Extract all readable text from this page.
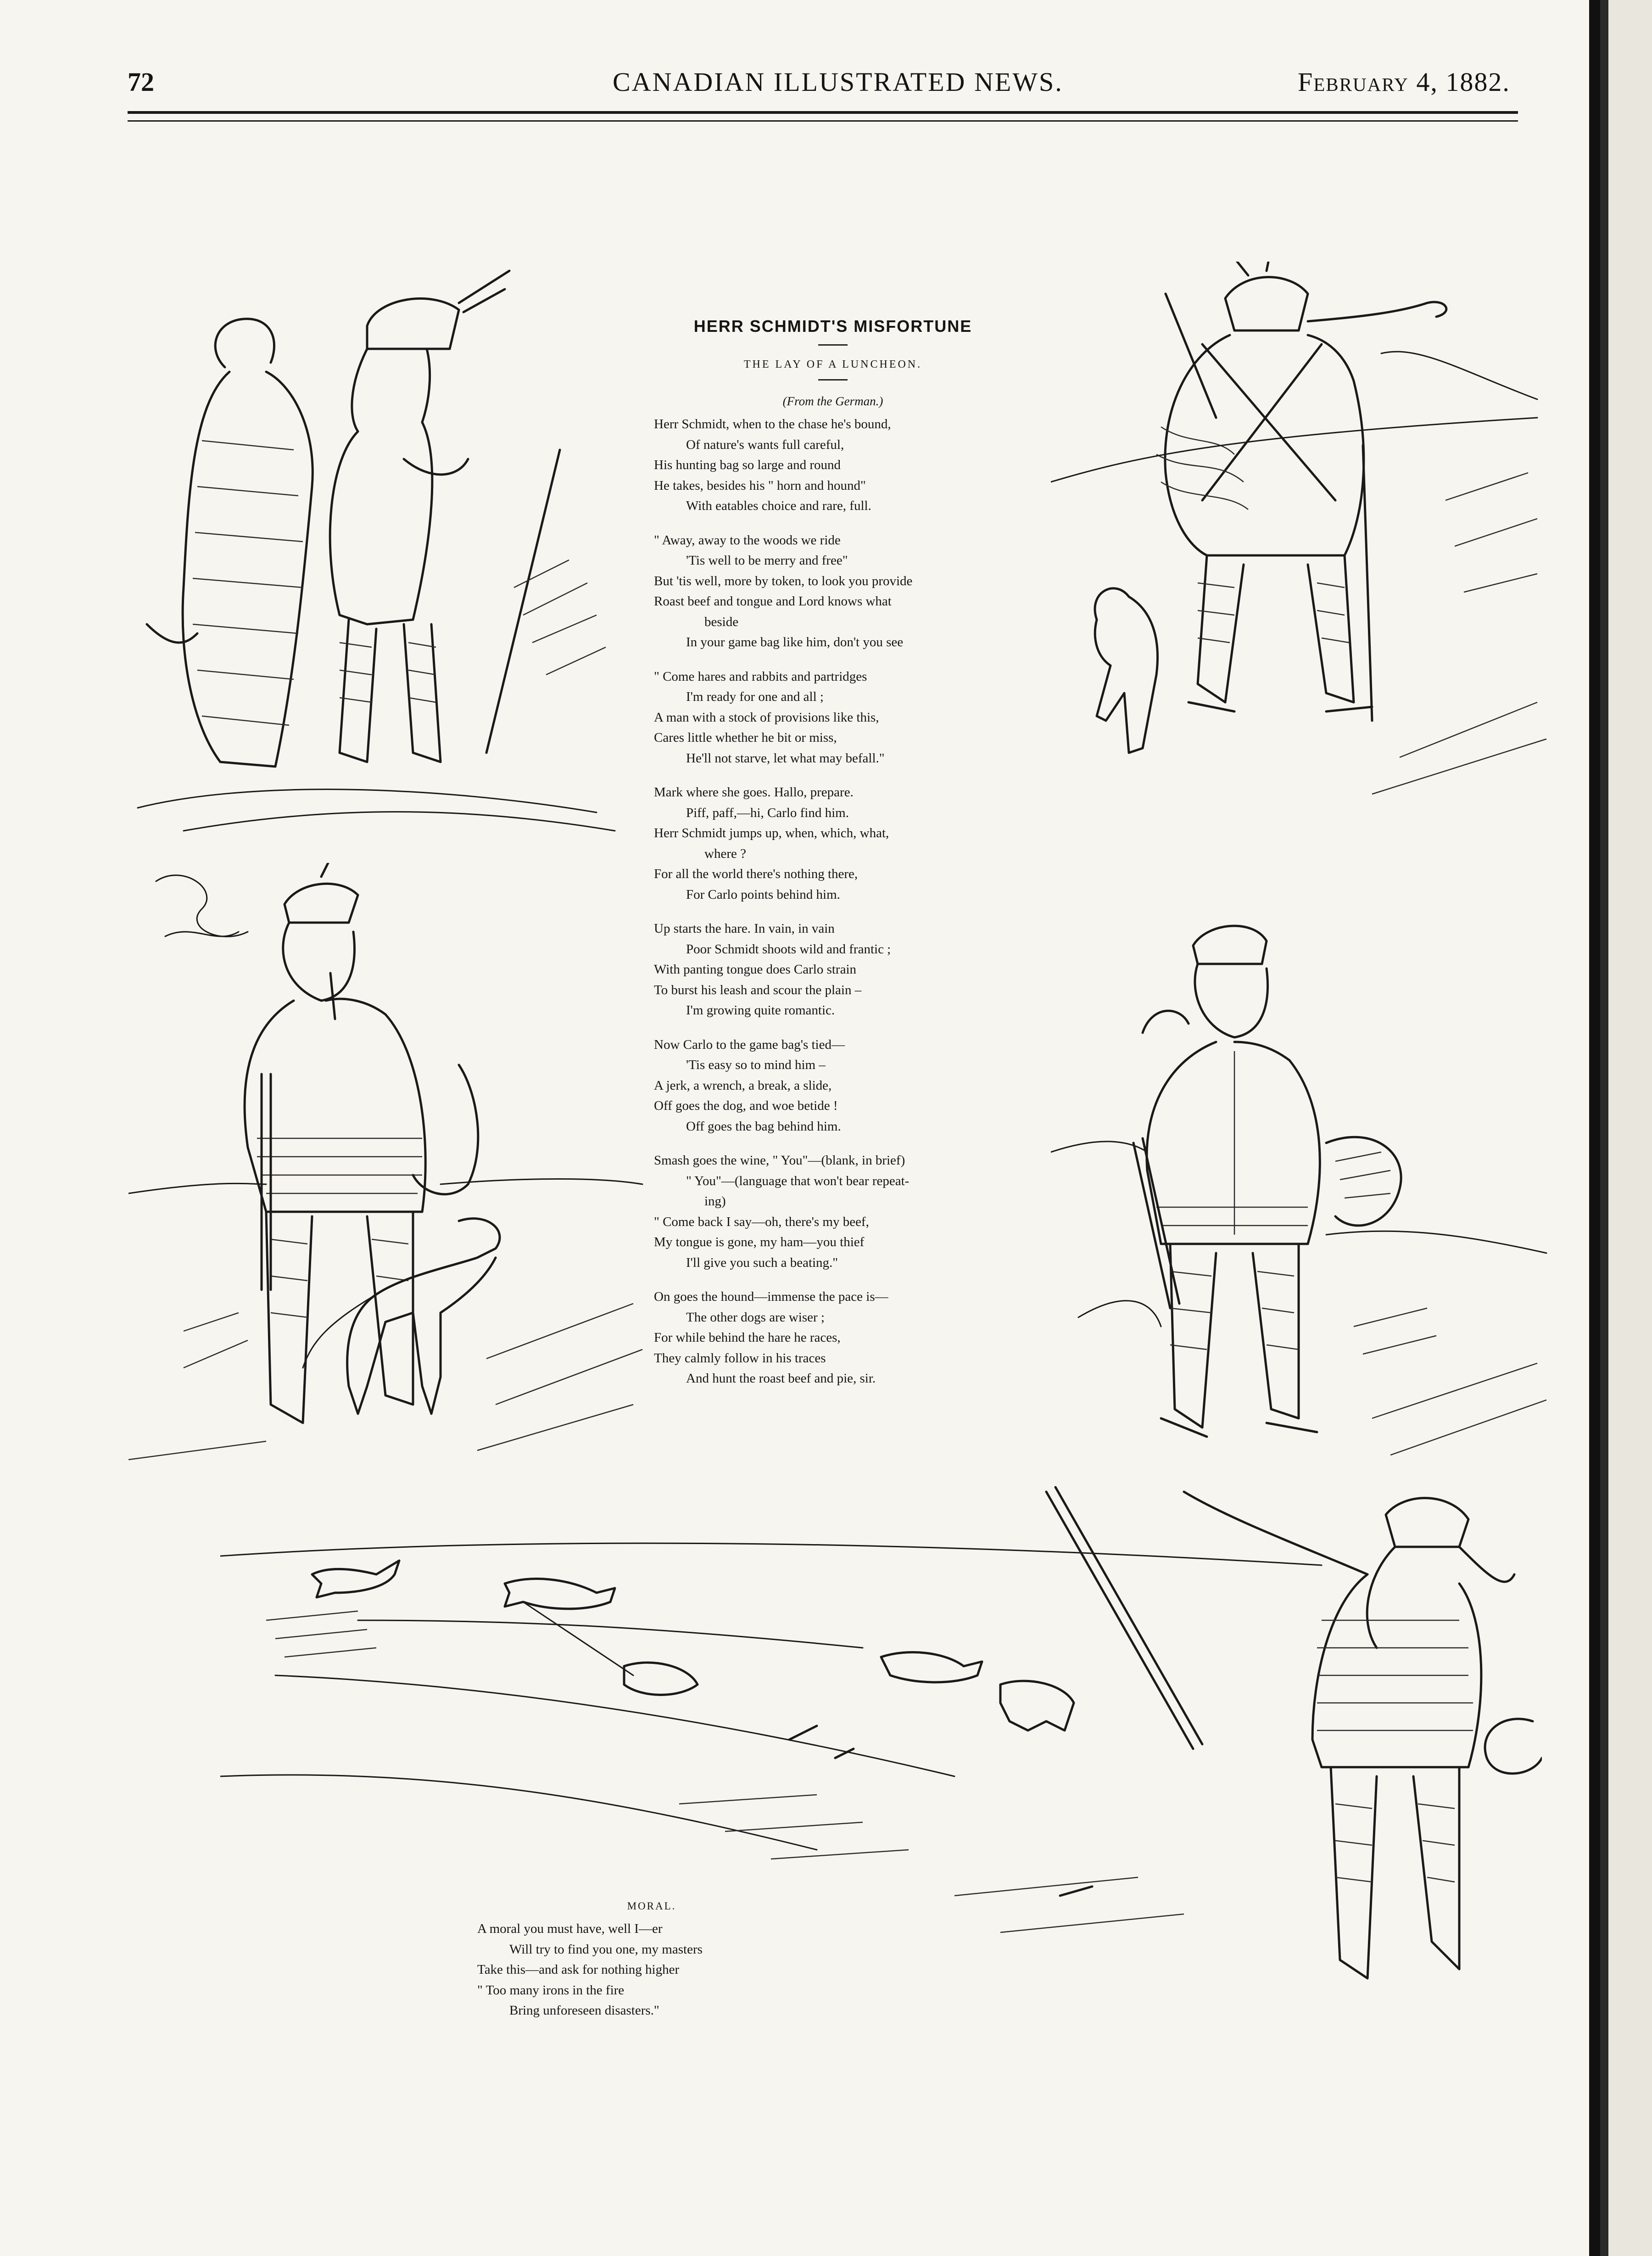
72	CANADIAN ILLUSTRATED NEWS.	February 4, 1882.
HERR SCHMIDT'S MISFORTUNE
THE LAY OF A LUNCHEON.
(From the German.)
Herr Schmidt, when to the chase he's bound,
Of nature's wants full careful,
His hunting bag so large and round
He takes, besides his " horn and hound"
With eatables choice and rare, full.
" Away, away to the woods we ride
'Tis well to be merry and free"
But 'tis well, more by token, to look you provide
Roast beef and tongue and Lord knows what
beside
In your game bag like him, don't you see
" Come hares and rabbits and partridges
I'm ready for one and all ;
A man with a stock of provisions like this,
Cares little whether he bit or miss,
He'll not starve, let what may befall."
Mark where she goes. Hallo, prepare.
Piff, paff,—hi, Carlo find him.
Herr Schmidt jumps up, when, which, what,
where ?
For all the world there's nothing there,
For Carlo points behind him.
Up starts the hare. In vain, in vain
Poor Schmidt shoots wild and frantic ;
With panting tongue does Carlo strain
To burst his leash and scour the plain –
I'm growing quite romantic.
Now Carlo to the game bag's tied—
'Tis easy so to mind him –
A jerk, a wrench, a break, a slide,
Off goes the dog, and woe betide !
Off goes the bag behind him.
Smash goes the wine, " You"—(blank, in brief)
" You"—(language that won't bear repeat-
ing)
" Come back I say—oh, there's my beef,
My tongue is gone, my ham—you thief
I'll give you such a beating."
On goes the hound—immense the pace is—
The other dogs are wiser ;
For while behind the hare he races,
They calmly follow in his traces
And hunt the roast beef and pie, sir.
MORAL.
A moral you must have, well I—er
Will try to find you one, my masters
Take this—and ask for nothing higher
" Too many irons in the fire
Bring unforeseen disasters."
